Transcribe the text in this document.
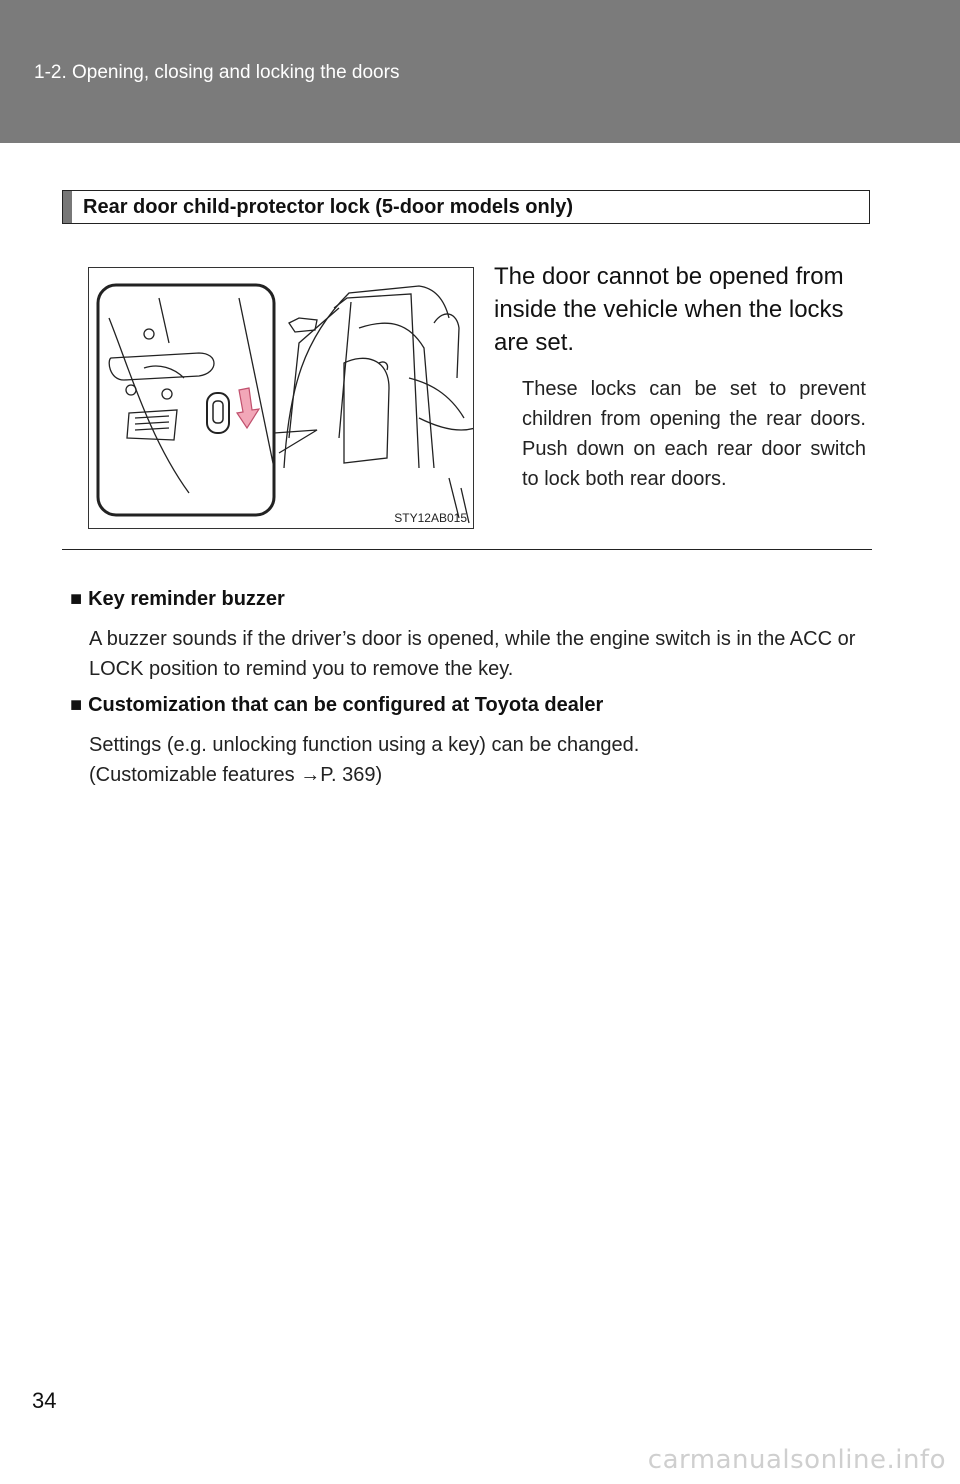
1-2. Opening, closing and locking the doors
Rear door child-protector lock (5-door models only)
STY12AB015
The door cannot be opened from inside the vehicle when the locks are set.
These locks can be set to prevent children from opening the rear doors. Push down on each rear door switch to lock both rear doors.
■ Key reminder buzzer
A buzzer sounds if the driver’s door is opened, while the engine switch is in the ACC or LOCK position to remind you to remove the key.
■ Customization that can be configured at Toyota dealer
Settings (e.g. unlocking function using a key) can be changed.
(Customizable features →P. 369)
34
carmanualsonline.info
